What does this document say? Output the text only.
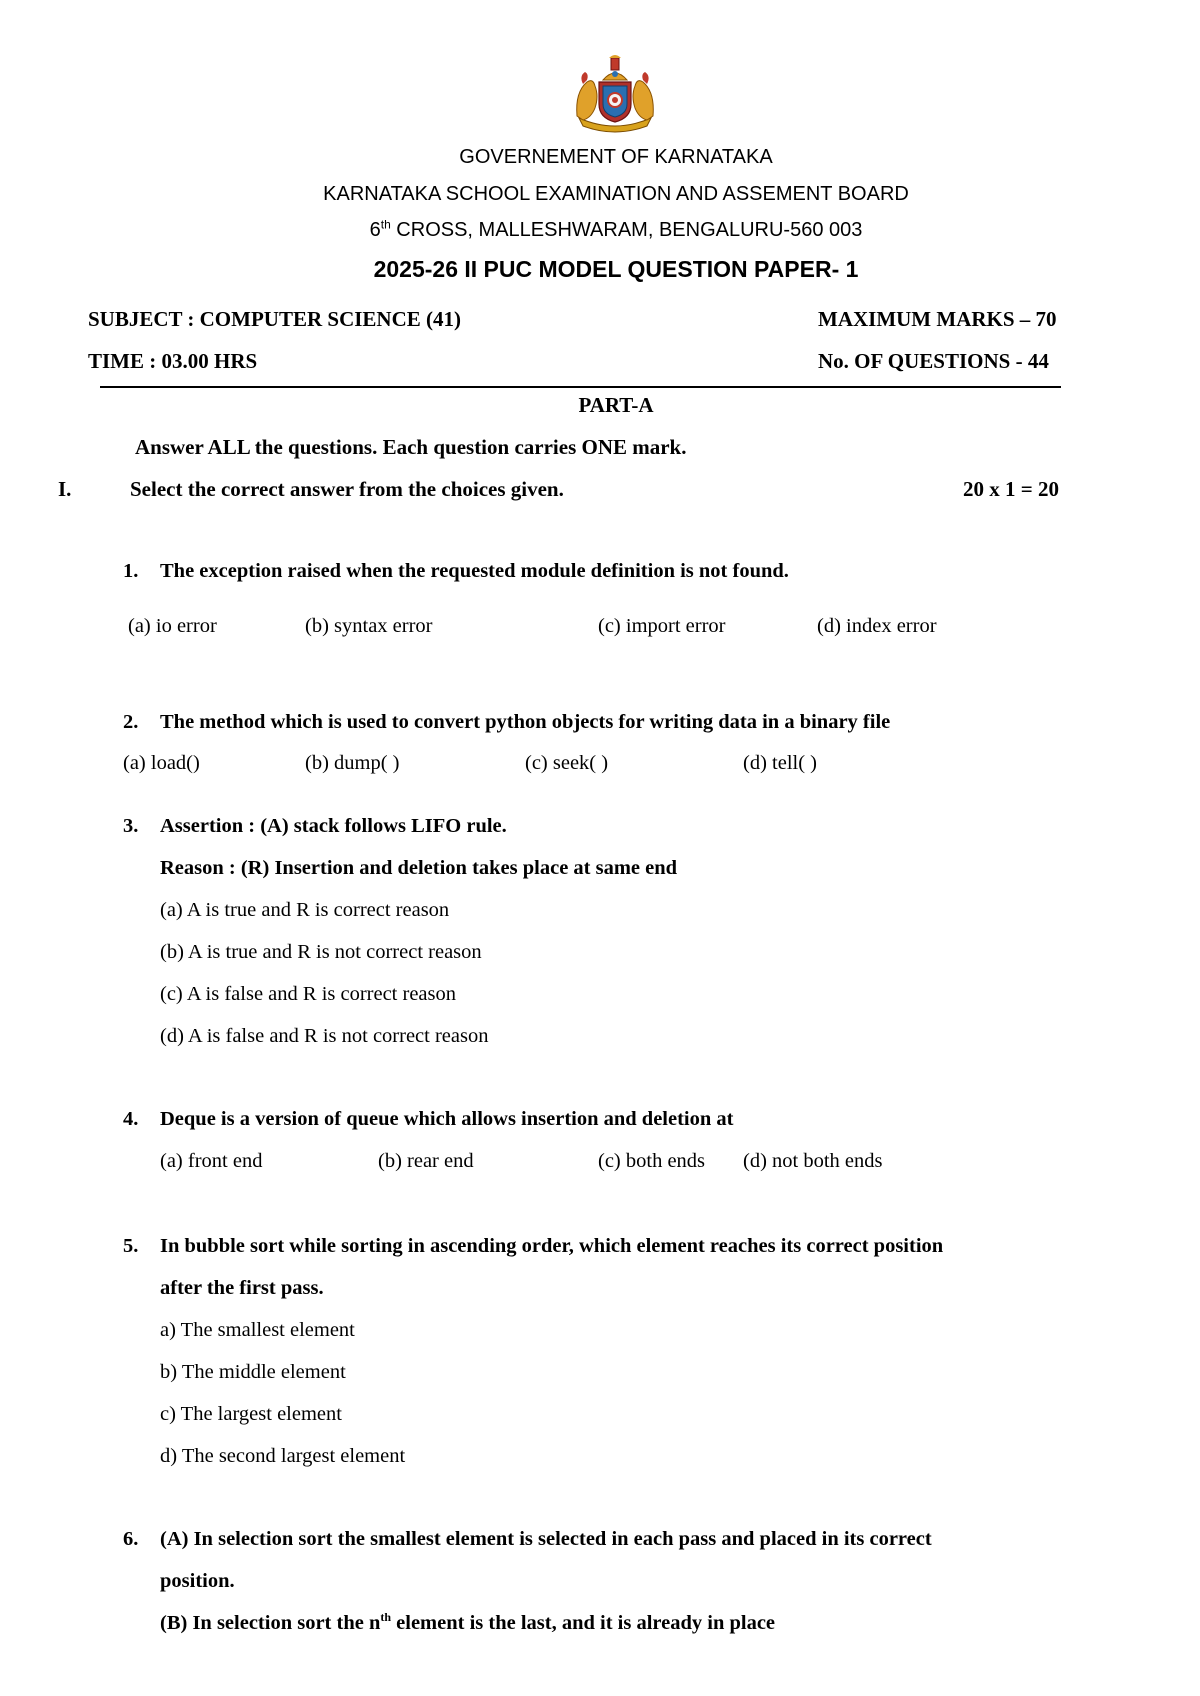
GOVERNEMENT OF KARNATAKA
KARNATAKA SCHOOL EXAMINATION AND ASSEMENT BOARD
6th CROSS, MALLESHWARAM, BENGALURU-560 003
2025-26 II PUC MODEL QUESTION PAPER- 1
SUBJECT : COMPUTER SCIENCE (41)	MAXIMUM MARKS – 70
TIME : 03.00 HRS	No. OF QUESTIONS - 44
PART-A
Answer ALL the questions. Each question carries ONE mark.
I.	Select the correct answer from the choices given.	20 x 1 = 20
1. The exception raised when the requested module definition is not found.
(a) io error	(b) syntax error	(c) import error	(d) index error
2. The method which is used to convert python objects for writing data in a binary file
(a) load()	(b) dump( )	(c) seek( )	(d) tell( )
3. Assertion : (A) stack follows LIFO rule.
Reason : (R) Insertion and deletion takes place at same end
(a) A is true and R is correct reason
(b) A is true and R is not correct reason
(c) A is false and R is correct reason
(d) A is false and R is not correct reason
4. Deque is a version of queue which allows insertion and deletion at
(a) front end	(b) rear end	(c) both ends (d) not both ends
5. In bubble sort while sorting in ascending order, which element reaches its correct position
after the first pass.
a) The smallest element
b) The middle element
c) The largest element
d) The second largest element
6. (A) In selection sort the smallest element is selected in each pass and placed in its correct
position.
(B) In selection sort the $n^{th}$ element is the last, and it is already in place
